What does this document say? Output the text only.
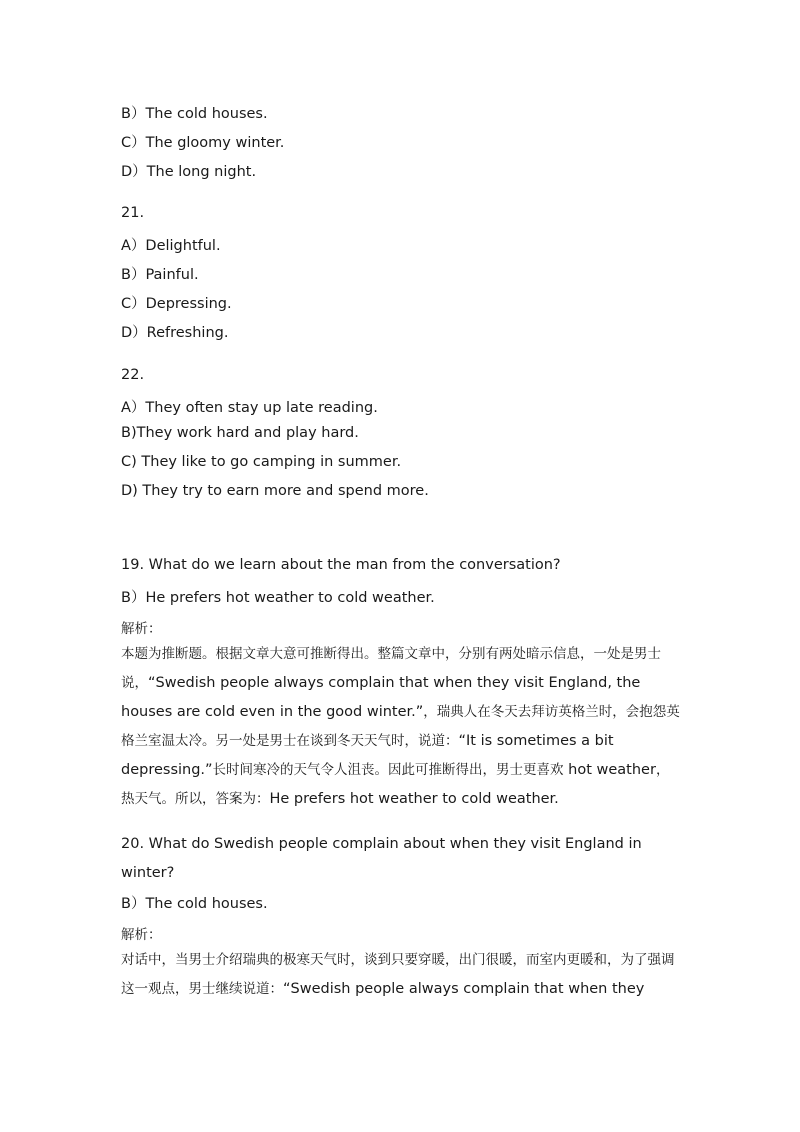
B）The cold houses.
C）The gloomy winter.
D）The long night.
21.
A）Delightful.
B）Painful.
C）Depressing.
D）Refreshing.
22.
A）They often stay up late reading.
B)They work hard and play hard.
C) They like to go camping in summer.
D) They try to earn more and spend more.
19. What do we learn about the man from the conversation?
B）He prefers hot weather to cold weather.
解析：
本题为推断题。根据文章大意可推断得出。整篇文章中，分别有两处暗示信息，一处是男士说，“Swedish people always complain that when they visit England, the houses are cold even in the good winter.”，瑞典人在冬天去拜访英格兰时，会抱怨英格兰室温太冷。另一处是男士在谈到冬天天气时，说道：“It is sometimes a bit depressing.”长时间寒冷的天气令人沮丧。因此可推断得出，男士更喜欢 hot weather，热天气。所以，答案为：He prefers hot weather to cold weather.
20. What do Swedish people complain about when they visit England in winter?
B）The cold houses.
解析：
对话中，当男士介绍瑞典的极寒天气时，谈到只要穿暖，出门很暖，而室内更暖和，为了强调这一观点，男士继续说道：“Swedish people always complain that when they
